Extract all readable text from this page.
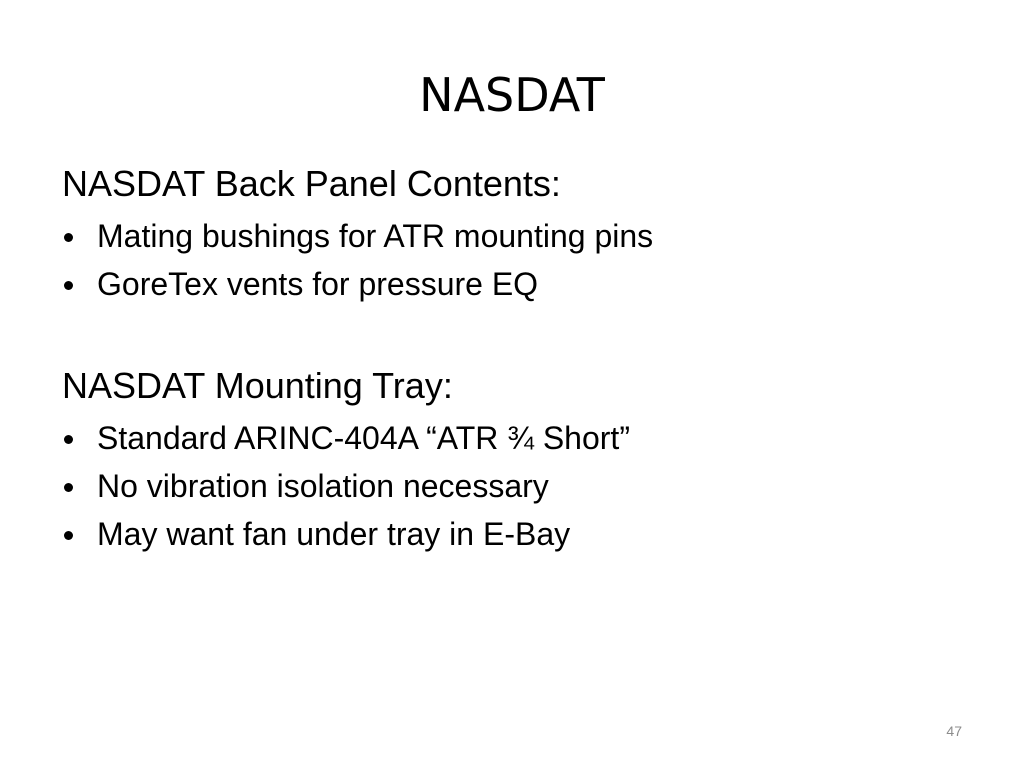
NASDAT

NASDAT Back Panel Contents:

Mating bushings for ATR mounting pins
GoreTex vents for pressure EQ

NASDAT Mounting Tray:

Standard ARINC-404A “ATR ¾ Short”
No vibration isolation necessary
May want fan under tray in E-Bay
47
